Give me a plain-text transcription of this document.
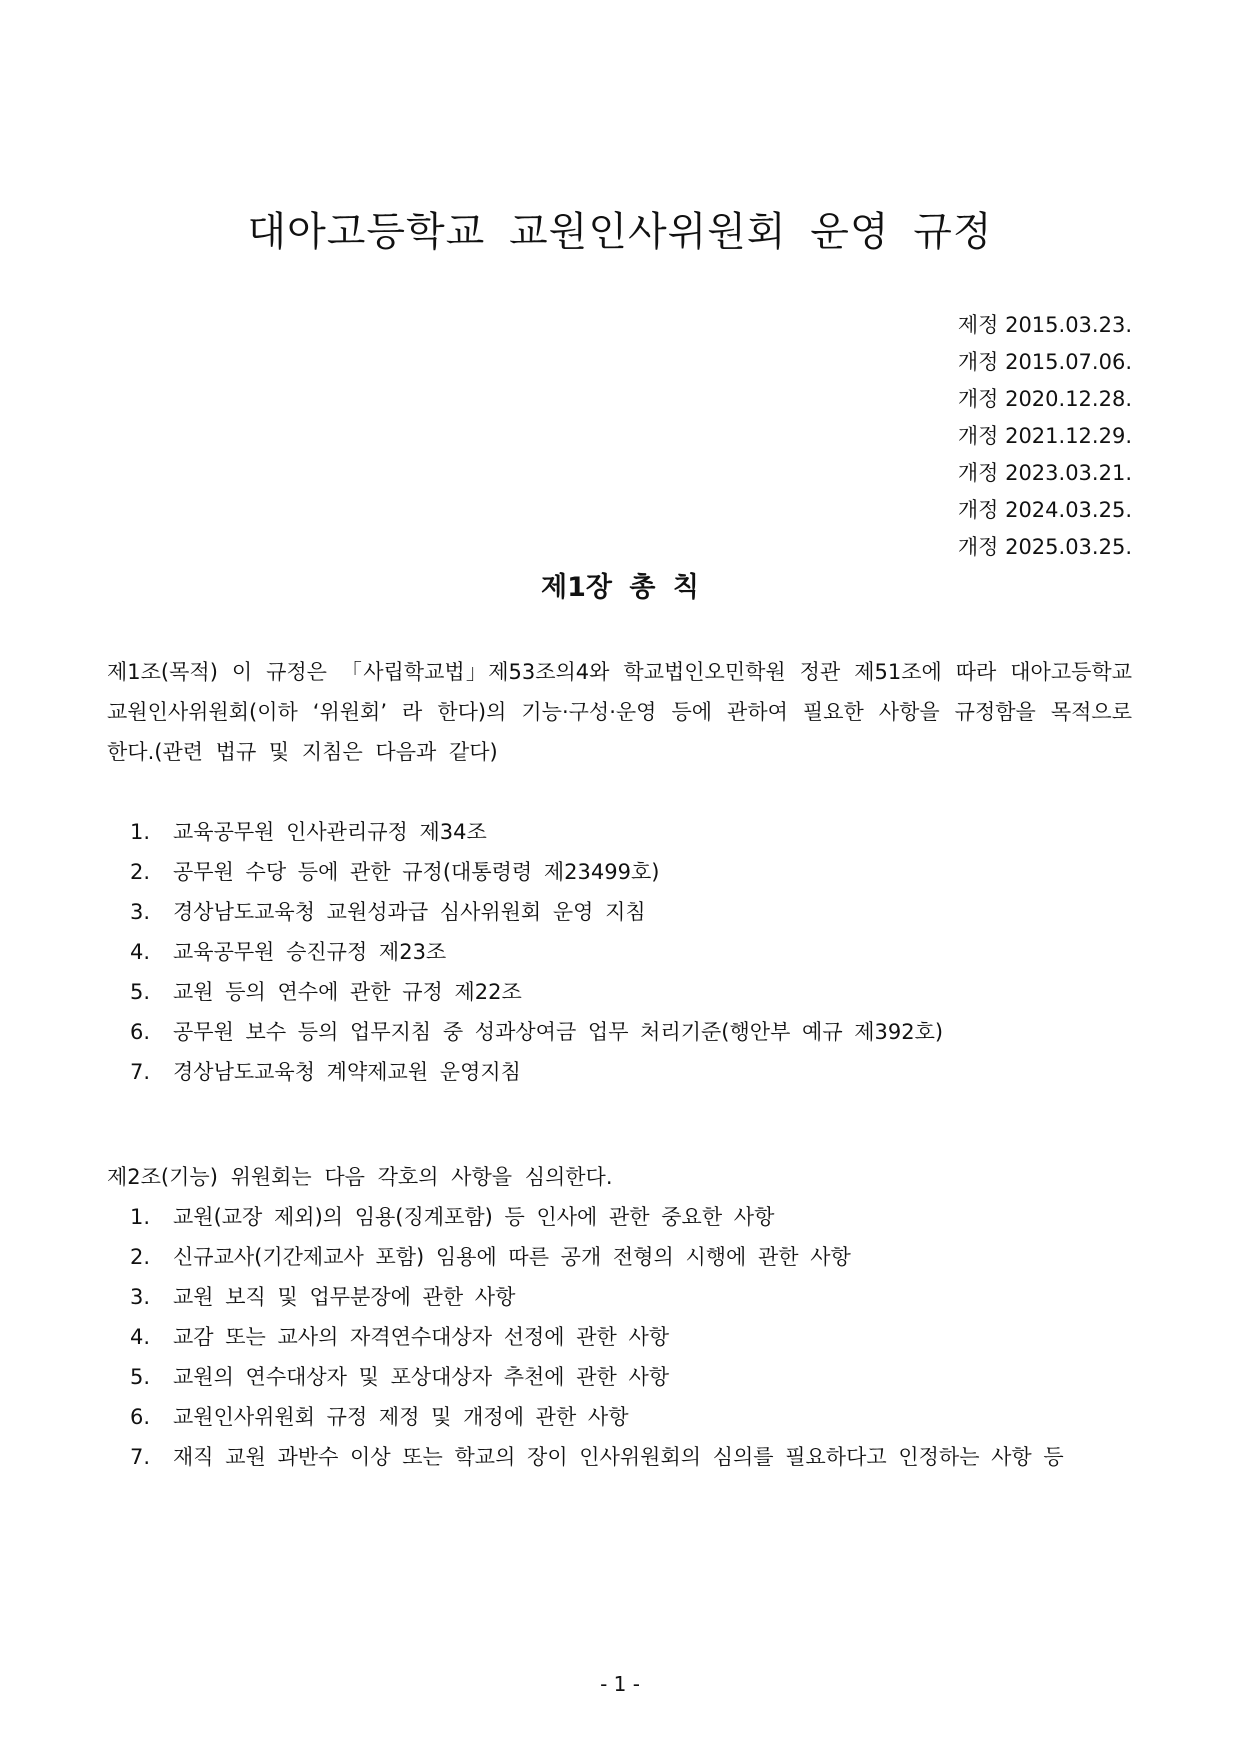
대아고등학교 교원인사위원회 운영 규정
제정 2015.03.23.
개정 2015.07.06.
개정 2020.12.28.
개정 2021.12.29.
개정 2023.03.21.
개정 2024.03.25.
개정 2025.03.25.
제1장 총 칙
제1조(목적) 이 규정은 「사립학교법」제53조의4와 학교법인오민학원 정관 제51조에 따라 대아고등학교 교원인사위원회(이하 ‘위원회’ 라 한다)의 기능·구성·운영 등에 관하여 필요한 사항을 규정함을 목적으로 한다.(관련 법규 및 지침은 다음과 같다)
1. 교육공무원 인사관리규정 제34조
2. 공무원 수당 등에 관한 규정(대통령령 제23499호)
3. 경상남도교육청 교원성과급 심사위원회 운영 지침
4. 교육공무원 승진규정 제23조
5. 교원 등의 연수에 관한 규정 제22조
6. 공무원 보수 등의 업무지침 중 성과상여금 업무 처리기준(행안부 예규 제392호)
7. 경상남도교육청 계약제교원 운영지침
제2조(기능) 위원회는 다음 각호의 사항을 심의한다.
1. 교원(교장 제외)의 임용(징계포함) 등 인사에 관한 중요한 사항
2. 신규교사(기간제교사 포함) 임용에 따른 공개 전형의 시행에 관한 사항
3. 교원 보직 및 업무분장에 관한 사항
4. 교감 또는 교사의 자격연수대상자 선정에 관한 사항
5. 교원의 연수대상자 및 포상대상자 추천에 관한 사항
6. 교원인사위원회 규정 제정 및 개정에 관한 사항
7. 재직 교원 과반수 이상 또는 학교의 장이 인사위원회의 심의를 필요하다고 인정하는 사항 등
- 1 -
